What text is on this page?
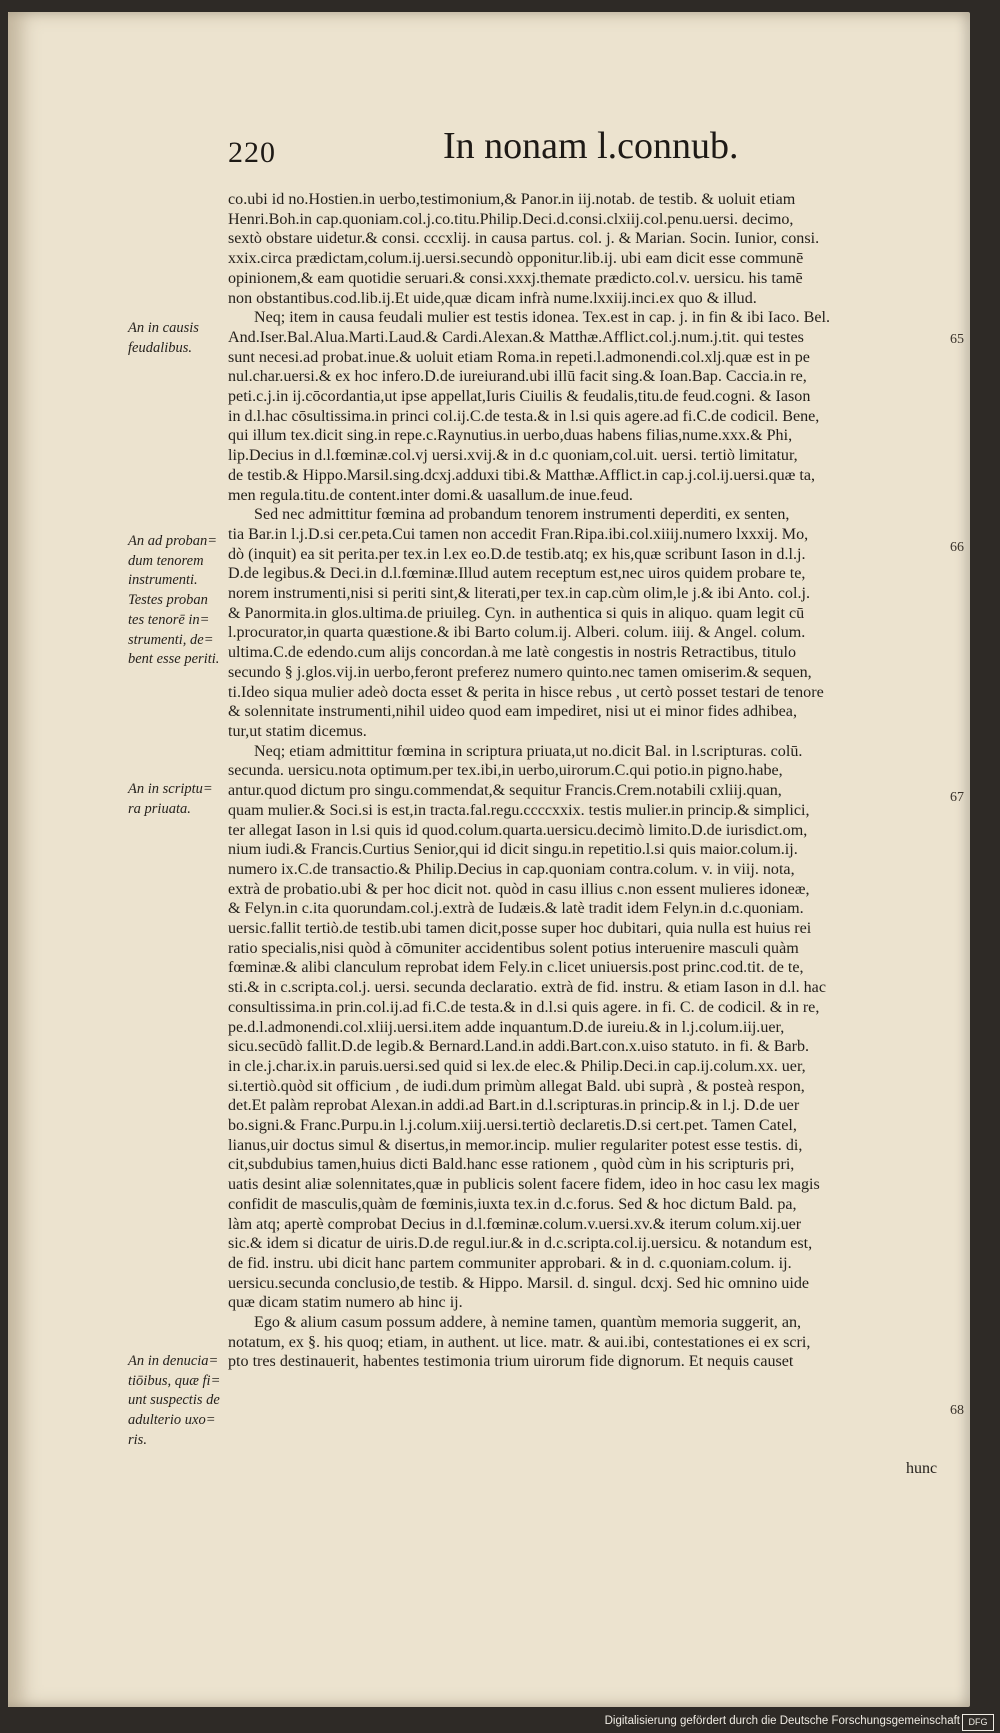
220	In nonam l.connub.
co.ubi id no.Hostien.in uerbo,testimonium,& Panor.in iij.notab. de testib. & uoluit etiam
Henri.Boh.in cap.quoniam.col.j.co.titu.Philip.Deci.d.consi.clxiij.col.penu.uersi. decimo,
sextò obstare uidetur.& consi. cccxlij. in causa partus. col. j. & Marian. Socin. Iunior, consi.
xxix.circa prædictam,colum.ij.uersi.secundò opponitur.lib.ij. ubi eam dicit esse communē
opinionem,& eam quotidie seruari.& consi.xxxj.themate prædicto.col.v. uersicu. his tamē
non obstantibus.cod.lib.ij.Et uide,quæ dicam infrà nume.lxxiij.inci.ex quo & illud.
Neq; item in causa feudali mulier est testis idonea. Tex.est in cap. j. in fin & ibi Iaco. Bel.
And.Iser.Bal.Alua.Marti.Laud.& Cardi.Alexan.& Matthæ.Afflict.col.j.num.j.tit. qui testes
sunt necesi.ad probat.inue.& uoluit etiam Roma.in repeti.l.admonendi.col.xlj.quæ est in pe
nul.char.uersi.& ex hoc infero.D.de iureiurand.ubi illū facit sing.& Ioan.Bap. Caccia.in re,
peti.c.j.in ij.cōcordantia,ut ipse appellat,Iuris Ciuilis & feudalis,titu.de feud.cogni. & Iason
in d.l.hac cōsultissima.in princi col.ij.C.de testa.& in l.si quis agere.ad fi.C.de codicil. Bene,
qui illum tex.dicit sing.in repe.c.Raynutius.in uerbo,duas habens filias,nume.xxx.& Phi,
lip.Decius in d.l.fœminæ.col.vj uersi.xvij.& in d.c quoniam,col.uit. uersi. tertiò limitatur,
de testib.& Hippo.Marsil.sing.dcxj.adduxi tibi.& Matthæ.Afflict.in cap.j.col.ij.uersi.quæ ta,
men regula.titu.de content.inter domi.& uasallum.de inue.feud.
Sed nec admittitur fœmina ad probandum tenorem instrumenti deperditi, ex senten,
tia Bar.in l.j.D.si cer.peta.Cui tamen non accedit Fran.Ripa.ibi.col.xiiij.numero lxxxij. Mo,
dò (inquit) ea sit perita.per tex.in l.ex eo.D.de testib.atq; ex his,quæ scribunt Iason in d.l.j.
D.de legibus.& Deci.in d.l.fœminæ.Illud autem receptum est,nec uiros quidem probare te,
norem instrumenti,nisi si periti sint,& literati,per tex.in cap.cùm olim,le j.& ibi Anto. col.j.
& Panormita.in glos.ultima.de priuileg. Cyn. in authentica si quis in aliquo. quam legit cū
l.procurator,in quarta quæstione.& ibi Barto colum.ij. Alberi. colum. iiij. & Angel. colum.
ultima.C.de edendo.cum alijs concordan.à me latè congestis in nostris Retractibus, titulo
secundo § j.glos.vij.in uerbo,feront preferez numero quinto.nec tamen omiserim.& sequen,
ti.Ideo siqua mulier adeò docta esset & perita in hisce rebus , ut certò posset testari de tenore
& solennitate instrumenti,nihil uideo quod eam impediret, nisi ut ei minor fides adhibea,
tur,ut statim dicemus.
Neq; etiam admittitur fœmina in scriptura priuata,ut no.dicit Bal. in l.scripturas. colū.
secunda. uersicu.nota optimum.per tex.ibi,in uerbo,uirorum.C.qui potio.in pigno.habe,
antur.quod dictum pro singu.commendat,& sequitur Francis.Crem.notabili cxliij.quan,
quam mulier.& Soci.si is est,in tracta.fal.regu.ccccxxix. testis mulier.in princip.& simplici,
ter allegat Iason in l.si quis id quod.colum.quarta.uersicu.decimò limito.D.de iurisdict.om,
nium iudi.& Francis.Curtius Senior,qui id dicit singu.in repetitio.l.si quis maior.colum.ij.
numero ix.C.de transactio.& Philip.Decius in cap.quoniam contra.colum. v. in viij. nota,
extrà de probatio.ubi & per hoc dicit not. quòd in casu illius c.non essent mulieres idoneæ,
& Felyn.in c.ita quorundam.col.j.extrà de Iudæis.& latè tradit idem Felyn.in d.c.quoniam.
uersic.fallit tertiò.de testib.ubi tamen dicit,posse super hoc dubitari, quia nulla est huius rei
ratio specialis,nisi quòd à cōmuniter accidentibus solent potius interuenire masculi quàm
fœminæ.& alibi clanculum reprobat idem Fely.in c.licet uniuersis.post princ.cod.tit. de te,
sti.& in c.scripta.col.j. uersi. secunda declaratio. extrà de fid. instru. & etiam Iason in d.l. hac
consultissima.in prin.col.ij.ad fi.C.de testa.& in d.l.si quis agere. in fi. C. de codicil. & in re,
pe.d.l.admonendi.col.xliij.uersi.item adde inquantum.D.de iureiu.& in l.j.colum.iij.uer,
sicu.secūdò fallit.D.de legib.& Bernard.Land.in addi.Bart.con.x.uiso statuto. in fi. & Barb.
in cle.j.char.ix.in paruis.uersi.sed quid si lex.de elec.& Philip.Deci.in cap.ij.colum.xx. uer,
si.tertiò.quòd sit officium , de iudi.dum primùm allegat Bald. ubi suprà , & posteà respon,
det.Et palàm reprobat Alexan.in addi.ad Bart.in d.l.scripturas.in princip.& in l.j. D.de uer
bo.signi.& Franc.Purpu.in l.j.colum.xiij.uersi.tertiò declaretis.D.si cert.pet. Tamen Catel,
lianus,uir doctus simul & disertus,in memor.incip. mulier regulariter potest esse testis. di,
cit,subdubius tamen,huius dicti Bald.hanc esse rationem , quòd cùm in his scripturis pri,
uatis desint aliæ solennitates,quæ in publicis solent facere fidem, ideo in hoc casu lex magis
confidit de masculis,quàm de fœminis,iuxta tex.in d.c.forus. Sed & hoc dictum Bald. pa,
làm atq; apertè comprobat Decius in d.l.fœminæ.colum.v.uersi.xv.& iterum colum.xij.uer
sic.& idem si dicatur de uiris.D.de regul.iur.& in d.c.scripta.col.ij.uersicu. & notandum est,
de fid. instru. ubi dicit hanc partem communiter approbari. & in d. c.quoniam.colum. ij.
uersicu.secunda conclusio,de testib. & Hippo. Marsil. d. singul. dcxj. Sed hic omnino uide
quæ dicam statim numero ab hinc ij.
Ego & alium casum possum addere, à nemine tamen, quantùm memoria suggerit, an,
notatum, ex §. his quoq; etiam, in authent. ut lice. matr. & aui.ibi, contestationes ei ex scri,
pto tres destinauerit, habentes testimonia trium uirorum fide dignorum. Et nequis causet
An in causis
feudalibus.
An ad proban=
dum tenorem
instrumenti.
Testes proban
tes tenorē in=
strumenti, de=
bent esse periti.
An in scriptu=
ra priuata.
An in denucia=
tiōibus, quæ fi=
unt suspectis de
adulterio uxo=
ris.
65
66
67
68
hunc
Digitalisierung gefördert durch die Deutsche Forschungsgemeinschaft DFG
